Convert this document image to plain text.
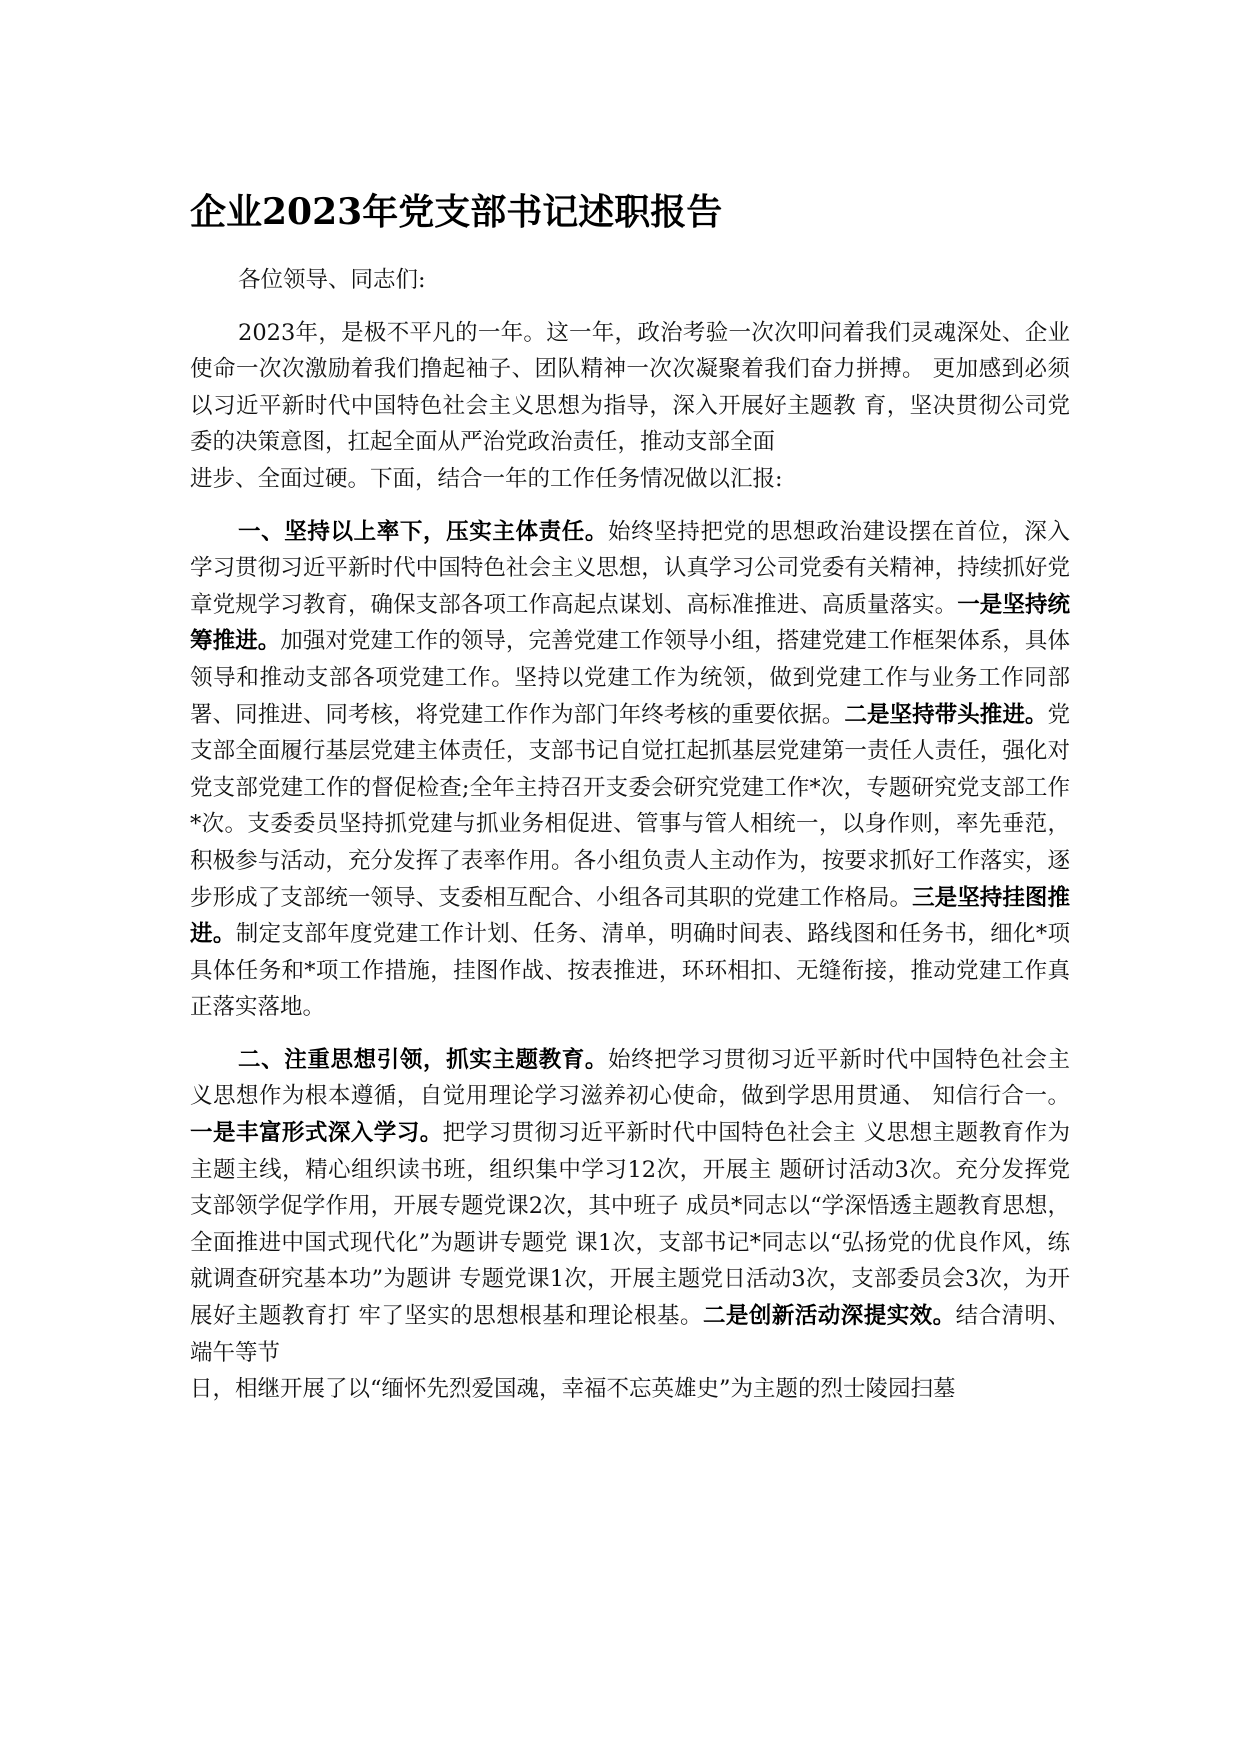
企业2023年党支部书记述职报告

各位领导、同志们:

2023年，是极不平凡的一年。这一年，政治考验一次次叩问着我们灵魂深处、企业使命一次次激励着我们撸起袖子、团队精神一次次凝聚着我们奋力拼搏。 更加感到必须以习近平新时代中国特色社会主义思想为指导，深入开展好主题教 育，坚决贯彻公司党委的决策意图，扛起全面从严治党政治责任，推动支部全面

进步、全面过硬。下面，结合一年的工作任务情况做以汇报:

一、坚持以上率下，压实主体责任。始终坚持把党的思想政治建设摆在首位，深入学习贯彻习近平新时代中国特色社会主义思想，认真学习公司党委有关精神，持续抓好党章党规学习教育，确保支部各项工作高起点谋划、高标准推进、高质量落实。一是坚持统筹推进。加强对党建工作的领导，完善党建工作领导小组，搭建党建工作框架体系，具体领导和推动支部各项党建工作。坚持以党建工作为统领，做到党建工作与业务工作同部署、同推进、同考核，将党建工作作为部门年终考核的重要依据。二是坚持带头推进。党支部全面履行基层党建主体责任，支部书记自觉扛起抓基层党建第一责任人责任，强化对党支部党建工作的督促检查;全年主持召开支委会研究党建工作*次，专题研究党支部工作*次。支委委员坚持抓党建与抓业务相促进、管事与管人相统一，以身作则，率先垂范，积极参与活动，充分发挥了表率作用。各小组负责人主动作为，按要求抓好工作落实，逐步形成了支部统一领导、支委相互配合、小组各司其职的党建工作格局。三是坚持挂图推进。制定支部年度党建工作计划、任务、清单，明确时间表、路线图和任务书，细化*项具体任务和*项工作措施，挂图作战、按表推进，环环相扣、无缝衔接，推动党建工作真正落实落地。

二、注重思想引领，抓实主题教育。始终把学习贯彻习近平新时代中国特色社会主义思想作为根本遵循，自觉用理论学习滋养初心使命，做到学思用贯通、 知信行合一。一是丰富形式深入学习。把学习贯彻习近平新时代中国特色社会主 义思想主题教育作为主题主线，精心组织读书班，组织集中学习12次，开展主 题研讨活动3次。充分发挥党支部领学促学作用，开展专题党课2次，其中班子 成员*同志以“学深悟透主题教育思想，全面推进中国式现代化”为题讲专题党 课1次，支部书记*同志以“弘扬党的优良作风，练就调查研究基本功”为题讲 专题党课1次，开展主题党日活动3次，支部委员会3次，为开展好主题教育打 牢了坚实的思想根基和理论根基。二是创新活动深提实效。结合清明、端午等节

日，相继开展了以“缅怀先烈爱国魂，幸福不忘英雄史”为主题的烈士陵园扫墓
